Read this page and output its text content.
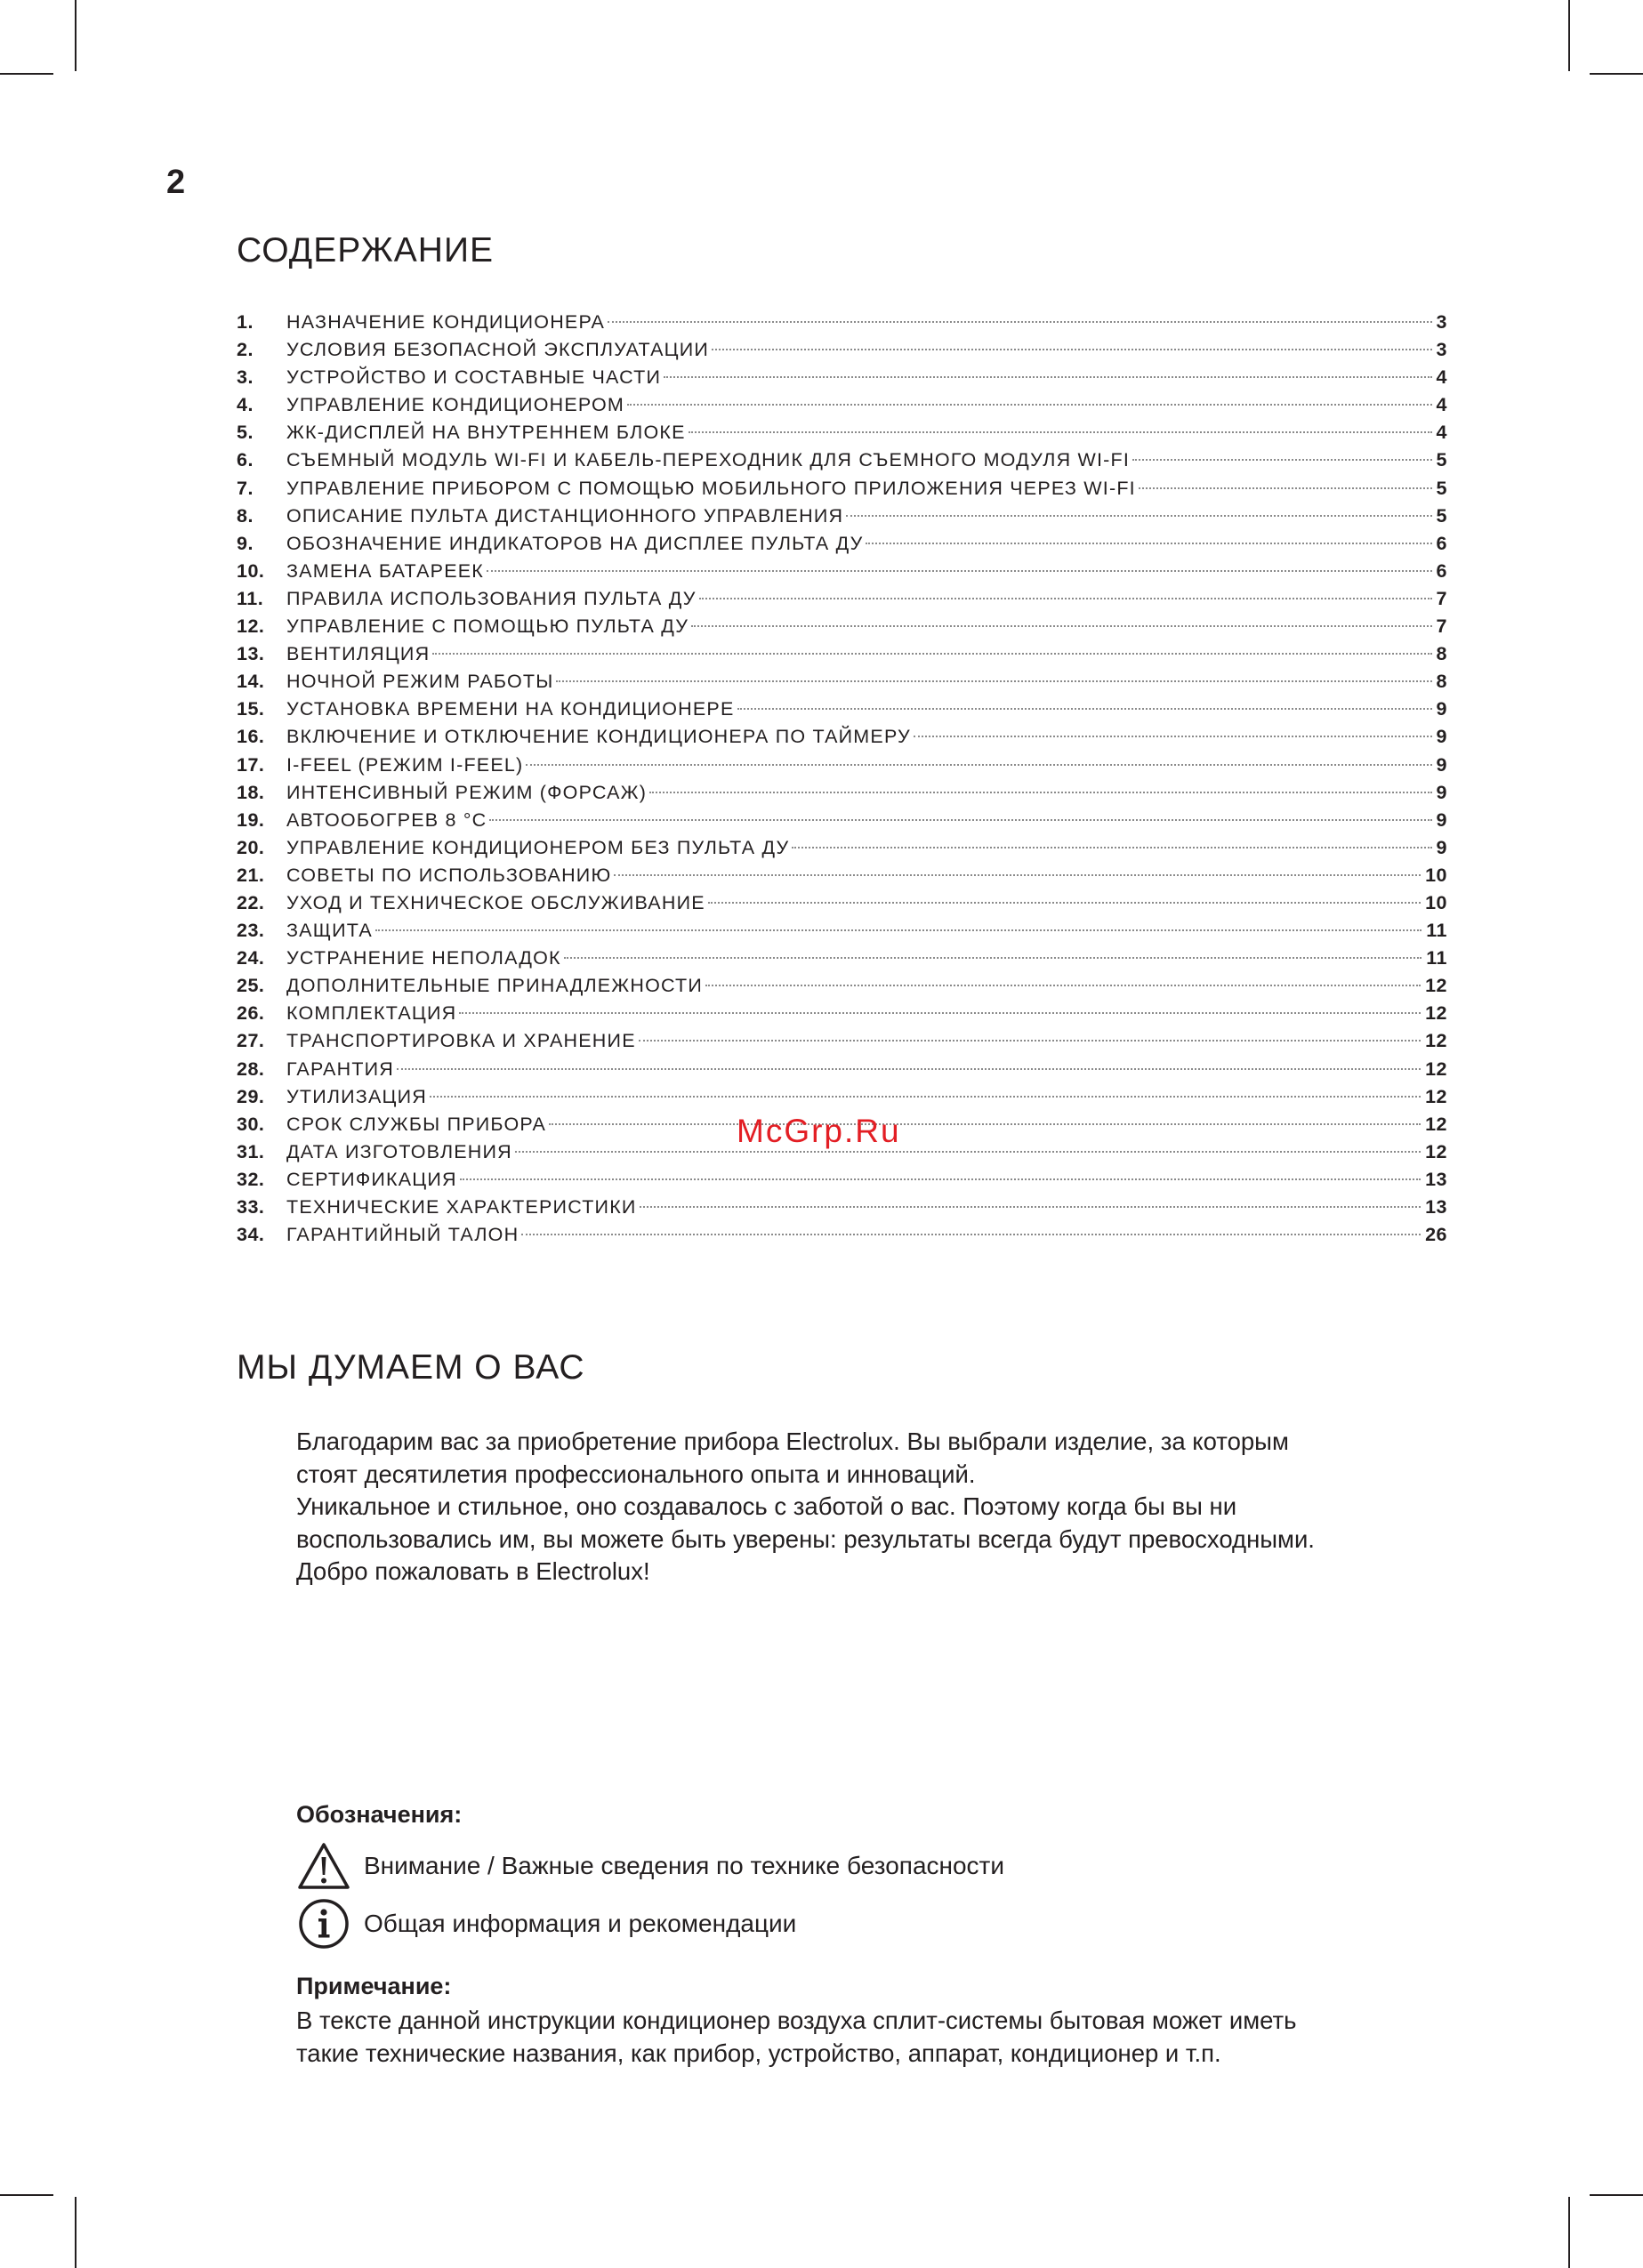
2
СОДЕРЖАНИЕ
1. НАЗНАЧЕНИЕ КОНДИЦИОНЕРА	3
2. УСЛОВИЯ БЕЗОПАСНОЙ ЭКСПЛУАТАЦИИ	3
3. УСТРОЙСТВО И СОСТАВНЫЕ ЧАСТИ	4
4. УПРАВЛЕНИЕ КОНДИЦИОНЕРОМ	4
5. ЖК-ДИСПЛЕЙ НА ВНУТРЕННЕМ БЛОКЕ	4
6. СЪЕМНЫЙ МОДУЛЬ WI-FI И КАБЕЛЬ-ПЕРЕХОДНИК ДЛЯ СЪЕМНОГО МОДУЛЯ WI-FI	5
7. УПРАВЛЕНИЕ ПРИБОРОМ С ПОМОЩЬЮ МОБИЛЬНОГО ПРИЛОЖЕНИЯ ЧЕРЕЗ WI-FI	5
8. ОПИСАНИЕ ПУЛЬТА ДИСТАНЦИОННОГО УПРАВЛЕНИЯ	5
9. ОБОЗНАЧЕНИЕ ИНДИКАТОРОВ НА ДИСПЛЕЕ ПУЛЬТА ДУ	6
10. ЗАМЕНА БАТАРЕЕК	6
11. ПРАВИЛА ИСПОЛЬЗОВАНИЯ ПУЛЬТА ДУ	7
12. УПРАВЛЕНИЕ С ПОМОЩЬЮ ПУЛЬТА ДУ	7
13. ВЕНТИЛЯЦИЯ	8
14. НОЧНОЙ РЕЖИМ РАБОТЫ	8
15. УСТАНОВКА ВРЕМЕНИ НА КОНДИЦИОНЕРЕ	9
16. ВКЛЮЧЕНИЕ И ОТКЛЮЧЕНИЕ КОНДИЦИОНЕРА ПО ТАЙМЕРУ	9
17. I-FEEL (РЕЖИМ I-FEEL)	9
18. ИНТЕНСИВНЫЙ РЕЖИМ (ФОРСАЖ)	9
19. АВТООБОГРЕВ 8 °С	9
20. УПРАВЛЕНИЕ КОНДИЦИОНЕРОМ БЕЗ ПУЛЬТА ДУ	9
21. СОВЕТЫ ПО ИСПОЛЬЗОВАНИЮ	10
22. УХОД И ТЕХНИЧЕСКОЕ ОБСЛУЖИВАНИЕ	10
23. ЗАЩИТА	11
24. УСТРАНЕНИЕ НЕПОЛАДОК	11
25. ДОПОЛНИТЕЛЬНЫЕ ПРИНАДЛЕЖНОСТИ	12
26. КОМПЛЕКТАЦИЯ	12
27. ТРАНСПОРТИРОВКА И ХРАНЕНИЕ	12
28. ГАРАНТИЯ	12
29. УТИЛИЗАЦИЯ	12
30. СРОК СЛУЖБЫ ПРИБОРА	12
31. ДАТА ИЗГОТОВЛЕНИЯ	12
32. СЕРТИФИКАЦИЯ	13
33. ТЕХНИЧЕСКИЕ ХАРАКТЕРИСТИКИ	13
34. ГАРАНТИЙНЫЙ ТАЛОН	26
МЫ ДУМАЕМ О ВАС

Благодарим вас за приобретение прибора Electrolux. Вы выбрали изделие, за которым

стоят десятилетия профессионального опыта и инноваций.

Уникальное и стильное, оно создавалось с заботой о вас. Поэтому когда бы вы ни

воспользовались им, вы можете быть уверены: результаты всегда будут превосходными.

Добро пожаловать в Electrolux!

Обозначения:
Внимание / Важные сведения по технике безопасности
Общая информация и рекомендации
Примечание:
В тексте данной инструкции кондиционер воздуха сплит-системы бытовая может иметь
такие технические названия, как прибор, устройство, аппарат, кондиционер и т.п.
McGrp.Ru
